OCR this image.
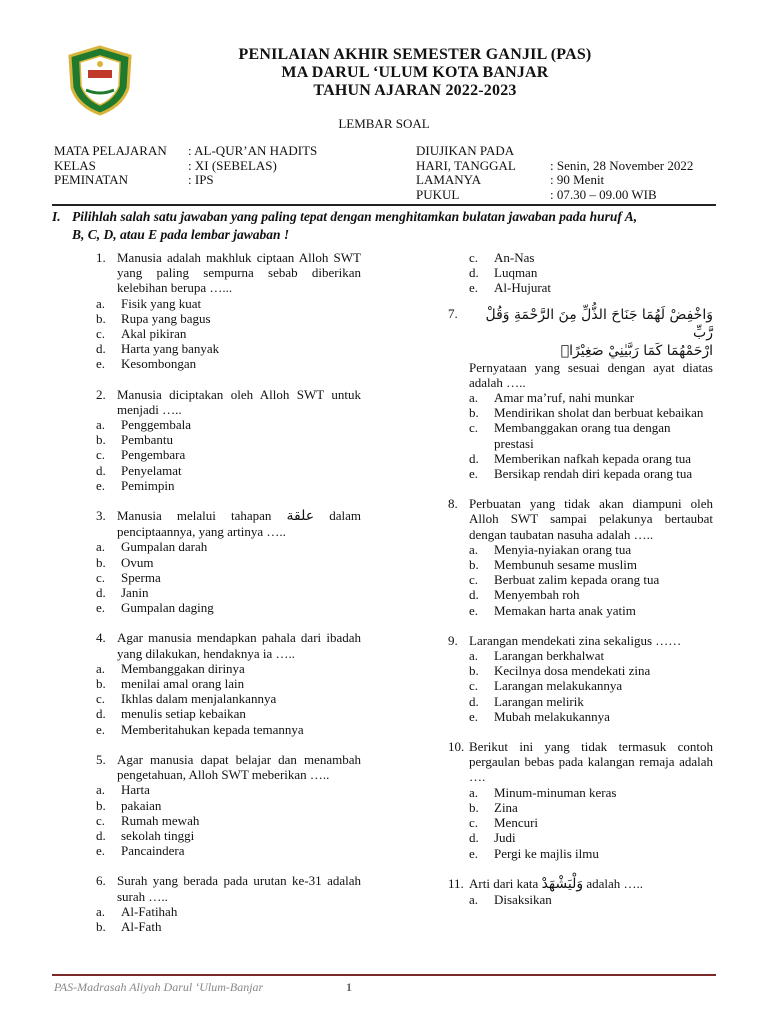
PENILAIAN AKHIR SEMESTER GANJIL (PAS)
MA DARUL ‘ULUM KOTA BANJAR
TAHUN AJARAN 2022-2023
LEMBAR SOAL
MATA PELAJARAN	: AL-QUR’AN HADITS
KELAS	: XI (SEBELAS)
PEMINATAN	: IPS
DIUJIKAN PADA
HARI, TANGGAL	: Senin, 28 November 2022
LAMANYA	: 90 Menit
PUKUL	: 07.30 – 09.00 WIB
I. Pilihlah salah satu jawaban yang paling tepat dengan menghitamkan bulatan jawaban pada huruf A,
B, C, D, atau E pada lembar jawaban !
1. Manusia adalah makhluk ciptaan Alloh SWT yang paling sempurna sebab diberikan kelebihan berupa …...
a.	Fisik yang kuat
b.	Rupa yang bagus
c.	Akal pikiran
d.	Harta yang banyak
e.	Kesombongan
2. Manusia diciptakan oleh Alloh SWT untuk menjadi …..
a.	Penggembala
b.	Pembantu
c.	Pengembara
d.	Penyelamat
e.	Pemimpin
3. Manusia melalui tahapan علقة dalam penciptaannya, yang artinya …..
a.	Gumpalan darah
b.	Ovum
c.	Sperma
d.	Janin
e.	Gumpalan daging
4. Agar manusia mendapkan pahala dari ibadah yang dilakukan, hendaknya ia …..
a.	Membanggakan dirinya
b.	menilai amal orang lain
c.	Ikhlas dalam menjalankannya
d.	menulis setiap kebaikan
e.	Memberitahukan kepada temannya
5. Agar manusia dapat belajar dan menambah pengetahuan, Alloh SWT meberikan …..
a.	Harta
b.	pakaian
c.	Rumah mewah
d.	sekolah tinggi
e.	Pancaindera
6. Surah yang berada pada urutan ke-31 adalah surah …..
a.	Al-Fatihah
b.	Al-Fath
c.	An-Nas
d.	Luqman
e.	Al-Hujurat
7.	وَاخْفِضْ لَهُمَا جَنَاحَ الذُّلِّ مِنَ الرَّحْمَةِ وَقُلْ رَّبِّ
ارْحَمْهُمَا كَمَا رَبَّيٰنِيْ صَغِيْرًاۗ
Pernyataan yang sesuai dengan ayat diatas adalah …..
a.	Amar ma’ruf, nahi munkar
b.	Mendirikan sholat dan berbuat kebaikan
c.	Membanggakan orang tua dengan prestasi
d.	Memberikan nafkah kepada orang tua
e.	Bersikap rendah diri kepada orang tua
8. Perbuatan yang tidak akan diampuni oleh Alloh SWT sampai pelakunya bertaubat dengan taubatan nasuha adalah …..
a.	Menyia-nyiakan orang tua
b.	Membunuh sesame muslim
c.	Berbuat zalim kepada orang tua
d.	Menyembah roh
e.	Memakan harta anak yatim
9. Larangan mendekati zina sekaligus ……
a.	Larangan berkhalwat
b.	Kecilnya dosa mendekati zina
c.	Larangan melakukannya
d.	Larangan melirik
e.	Mubah melakukannya
10. Berikut ini yang tidak termasuk contoh pergaulan bebas pada kalangan remaja adalah ….
a.	Minum-minuman keras
b.	Zina
c.	Mencuri
d.	Judi
e.	Pergi ke majlis ilmu
11. Arti dari kata وَلْيَشْهَدْ adalah …..
a.	Disaksikan
PAS-Madrasah Aliyah Darul ‘Ulum-Banjar	1
